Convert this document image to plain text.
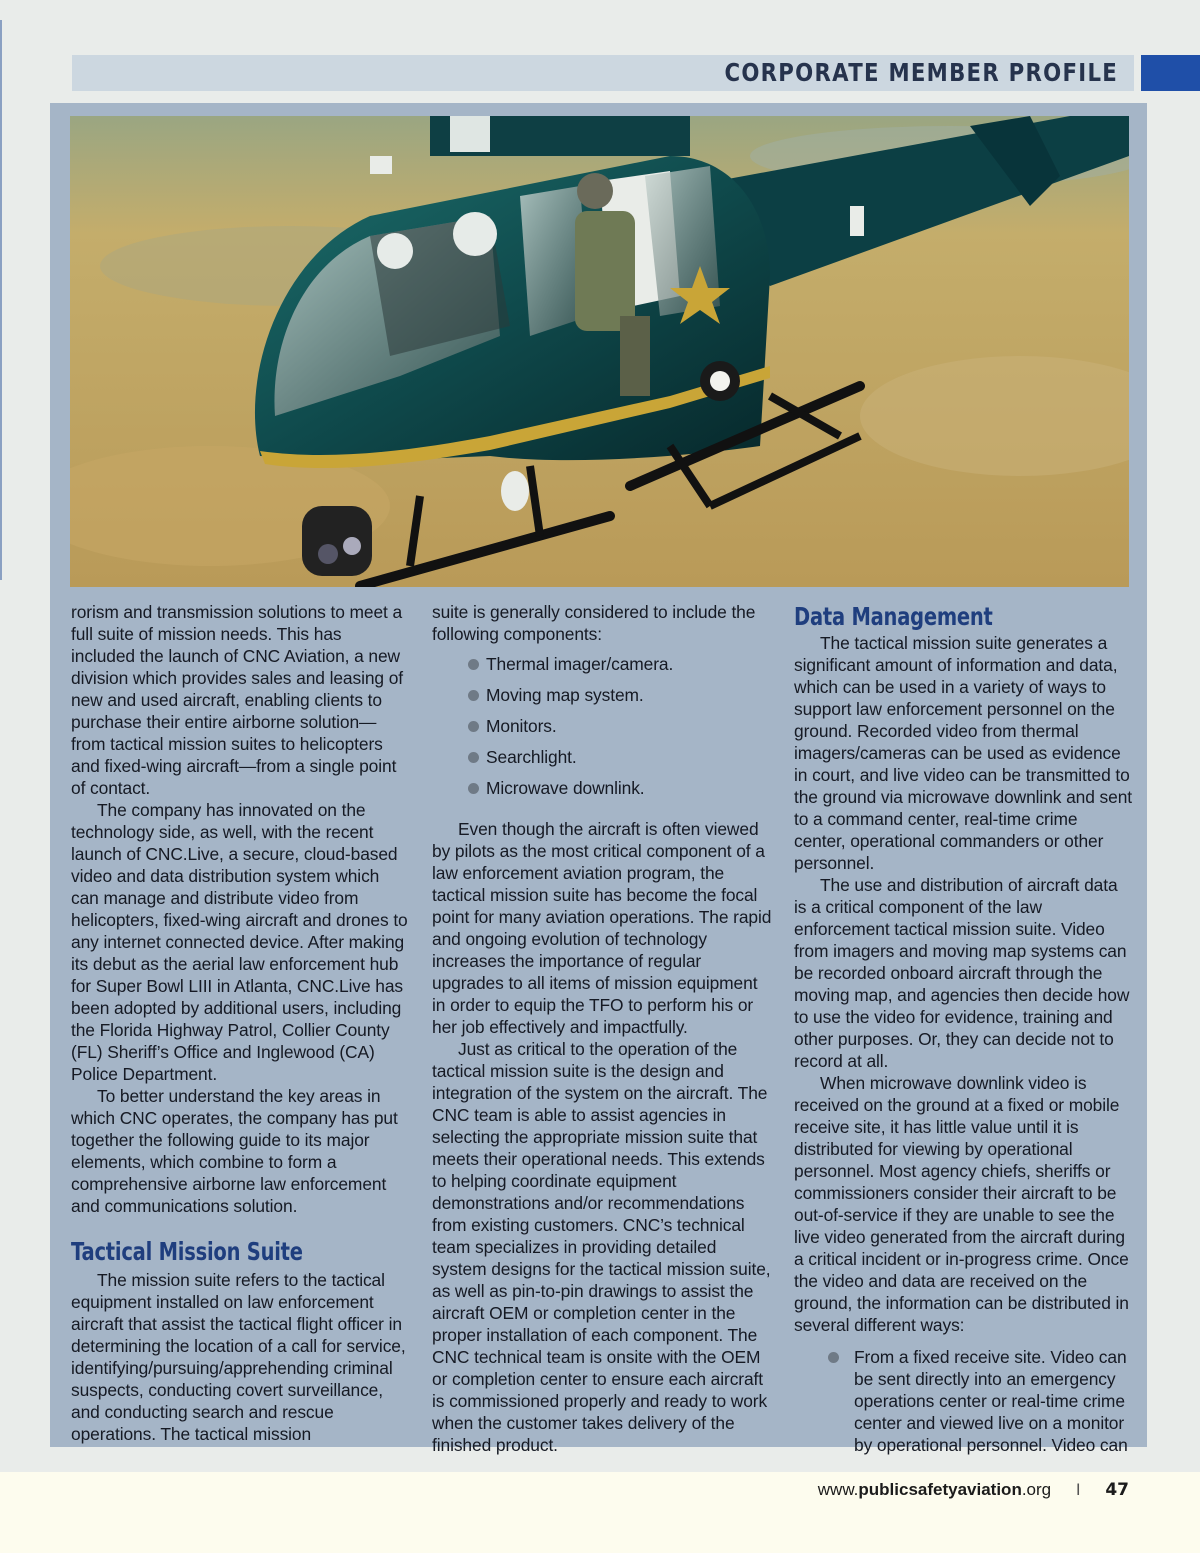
CORPORATE MEMBER PROFILE

rorism and transmission solutions to meet a full suite of mission needs. This has included the launch of CNC Aviation, a new division which provides sales and leasing of new and used aircraft, enabling clients to purchase their entire airborne solution—from tactical mission suites to helicopters and fixed-wing aircraft—from a single point of contact.

The company has innovated on the technology side, as well, with the recent launch of CNC.Live, a secure, cloud-based video and data distribution system which can manage and distribute video from helicopters, fixed-wing aircraft and drones to any internet connected device. After making its debut as the aerial law enforcement hub for Super Bowl LIII in Atlanta, CNC.Live has been adopted by additional users, including the Florida Highway Patrol, Collier County (FL) Sheriff’s Office and Inglewood (CA) Police Department.

To better understand the key areas in which CNC operates, the company has put together the following guide to its major elements, which combine to form a comprehensive airborne law enforcement and communications solution.

Tactical Mission Suite

The mission suite refers to the tactical equipment installed on law enforcement aircraft that assist the tactical flight officer in determining the location of a call for service, identifying/pursuing/apprehending criminal suspects, conducting covert surveillance, and conducting search and rescue operations. The tactical mission

suite is generally considered to include the following components:

Thermal imager/camera.
Moving map system.
Monitors.
Searchlight.
Microwave downlink.

Even though the aircraft is often viewed by pilots as the most critical component of a law enforcement aviation program, the tactical mission suite has become the focal point for many aviation operations. The rapid and ongoing evolution of technology increases the importance of regular upgrades to all items of mission equipment in order to equip the TFO to perform his or her job effectively and impactfully.

Just as critical to the operation of the tactical mission suite is the design and integration of the system on the aircraft. The CNC team is able to assist agencies in selecting the appropriate mission suite that meets their operational needs. This extends to helping coordinate equipment demonstrations and/or recommendations from existing customers. CNC’s technical team specializes in providing detailed system designs for the tactical mission suite, as well as pin-to-pin drawings to assist the aircraft OEM or completion center in the proper installation of each component. The CNC technical team is onsite with the OEM or completion center to ensure each aircraft is commissioned properly and ready to work when the customer takes delivery of the finished product.

Data Management

The tactical mission suite generates a significant amount of information and data, which can be used in a variety of ways to support law enforcement personnel on the ground. Recorded video from thermal imagers/cameras can be used as evidence in court, and live video can be transmitted to the ground via microwave downlink and sent to a command center, real-time crime center, operational commanders or other personnel.

The use and distribution of aircraft data is a critical component of the law enforcement tactical mission suite. Video from imagers and moving map systems can be recorded onboard aircraft through the moving map, and agencies then decide how to use the video for evidence, training and other purposes. Or, they can decide not to record at all.

When microwave downlink video is received on the ground at a fixed or mobile receive site, it has little value until it is distributed for viewing by operational personnel. Most agency chiefs, sheriffs or commissioners consider their aircraft to be out-of-service if they are unable to see the live video generated from the aircraft during a critical incident or in-progress crime. Once the video and data are received on the ground, the information can be distributed in several different ways:

From a fixed receive site. Video can be sent directly into an emergency operations center or real-time crime center and viewed live on a monitor by operational personnel. Video can
www.publicsafetyaviation.org I 47
